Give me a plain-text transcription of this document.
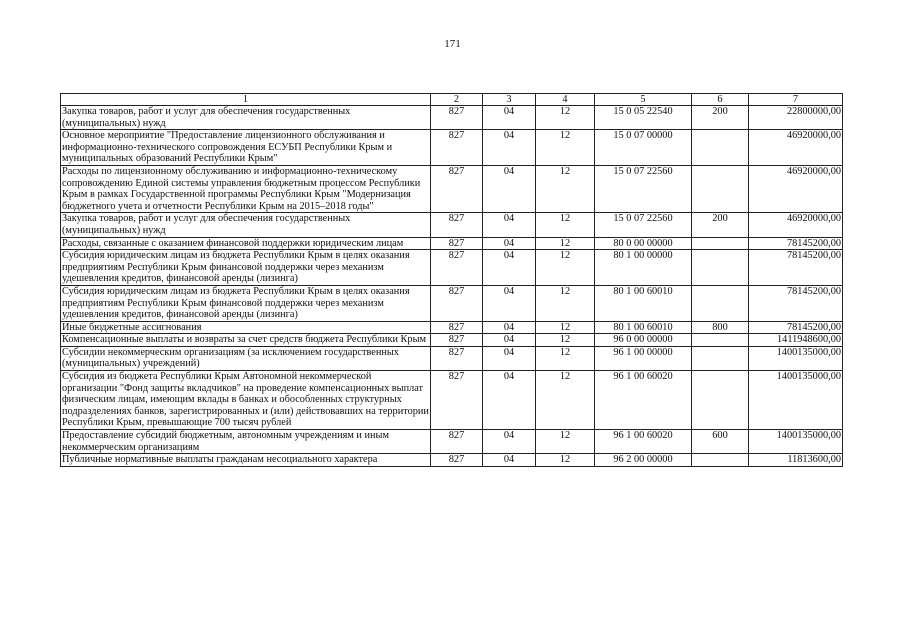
171
1	2	3	4	5	6	7
Закупка товаров, работ и услуг для обеспечения государственных (муниципальных) нужд	827	04	12	15 0 05 22540	200	22800000,00
Основное мероприятие "Предоставление лицензионного обслуживания и информационно-технического сопровождения ЕСУБП Республики Крым и муниципальных образований Республики Крым"	827	04	12	15 0 07 00000		46920000,00
Расходы по лицензионному обслуживанию и информационно-техническому сопровождению Единой системы управления бюджетным процессом Республики Крым в рамках Государственной программы Республики Крым "Модернизация бюджетного учета и отчетности Республики Крым на 2015–2018 годы"	827	04	12	15 0 07 22560		46920000,00
Закупка товаров, работ и услуг для обеспечения государственных (муниципальных) нужд	827	04	12	15 0 07 22560	200	46920000,00
Расходы, связанные с оказанием финансовой поддержки юридическим лицам	827	04	12	80 0 00 00000		78145200,00
Субсидия юридическим лицам из бюджета Республики Крым в целях оказания предприятиям Республики Крым финансовой поддержки через механизм удешевления кредитов, финансовой аренды (лизинга)	827	04	12	80 1 00 00000		78145200,00
Субсидия юридическим лицам из бюджета Республики Крым в целях оказания предприятиям Республики Крым финансовой поддержки через механизм удешевления кредитов, финансовой аренды (лизинга)	827	04	12	80 1 00 60010		78145200,00
Иные бюджетные ассигнования	827	04	12	80 1 00 60010	800	78145200,00
Компенсационные выплаты и возвраты за счет средств бюджета Республики Крым	827	04	12	96 0 00 00000		1411948600,00
Субсидии некоммерческим организациям (за исключением государственных (муниципальных) учреждений)	827	04	12	96 1 00 00000		1400135000,00
Субсидия из бюджета Республики Крым Автономной некоммерческой организации "Фонд защиты вкладчиков" на проведение компенсационных выплат физическим лицам, имеющим вклады в банках и обособленных структурных подразделениях банков, зарегистрированных и (или) действовавших на территории Республики Крым, превышающие 700 тысяч рублей	827	04	12	96 1 00 60020		1400135000,00
Предоставление субсидий бюджетным, автономным учреждениям и иным некоммерческим организациям	827	04	12	96 1 00 60020	600	1400135000,00
Публичные нормативные выплаты гражданам несоциального характера	827	04	12	96 2 00 00000		11813600,00
